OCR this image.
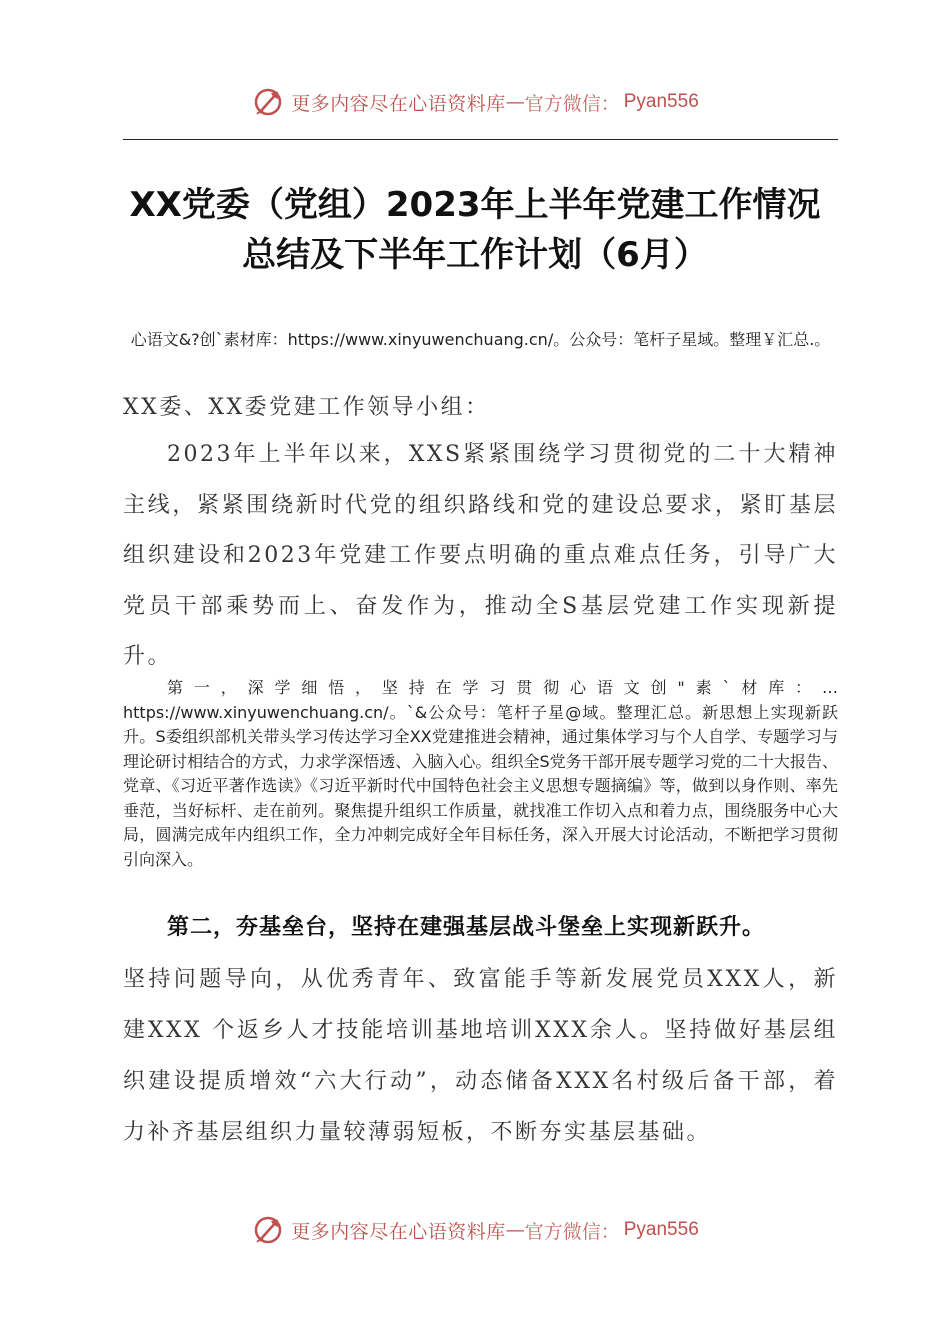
更多内容尽在心语资料库 — 官方微信： Pyan556
XX党委（党组）2023年上半年党建工作情况
总结及下半年工作计划（6月）
心语文&?创`素材库：https://www.xinyuwenchuang.cn/。公众号：笔杆子星域。整理￥汇总.。
XX委、XX委党建工作领导小组：
2023年上半年以来，XXS紧紧围绕学习贯彻党的二十大精神主线，紧紧围绕新时代党的组织路线和党的建设总要求，紧盯基层组织建设和2023年党建工作要点明确的重点难点任务，引导广大党员干部乘势而上、奋发作为，推动全S基层党建工作实现新提升。
第一，深学细悟，坚持在学习贯彻心语文创"素`材库：…https://www.xinyuwenchuang.cn/。`&公众号：笔杆子星@域。整理汇总。新思想上实现新跃升。S委组织部机关带头学习传达学习全XX党建推进会精神，通过集体学习与个人自学、专题学习与理论研讨相结合的方式，力求学深悟透、入脑入心。组织全S党务干部开展专题学习党的二十大报告、党章、《习近平著作选读》《习近平新时代中国特色社会主义思想专题摘编》等，做到以身作则、率先垂范，当好标杆、走在前列。聚焦提升组织工作质量，就找准工作切入点和着力点，围绕服务中心大局，圆满完成年内组织工作，全力冲刺完成好全年目标任务，深入开展大讨论活动，不断把学习贯彻引向深入。
第二，夯基垒台，坚持在建强基层战斗堡垒上实现新跃升。
坚持问题导向，从优秀青年、致富能手等新发展党员XXX人，新建XXX 个返乡人才技能培训基地培训XXX余人。坚持做好基层组织建设提质增效“六大行动”，动态储备XXX名村级后备干部，着力补齐基层组织力量较薄弱短板，不断夯实基层基础。
更多内容尽在心语资料库 — 官方微信： Pyan556
